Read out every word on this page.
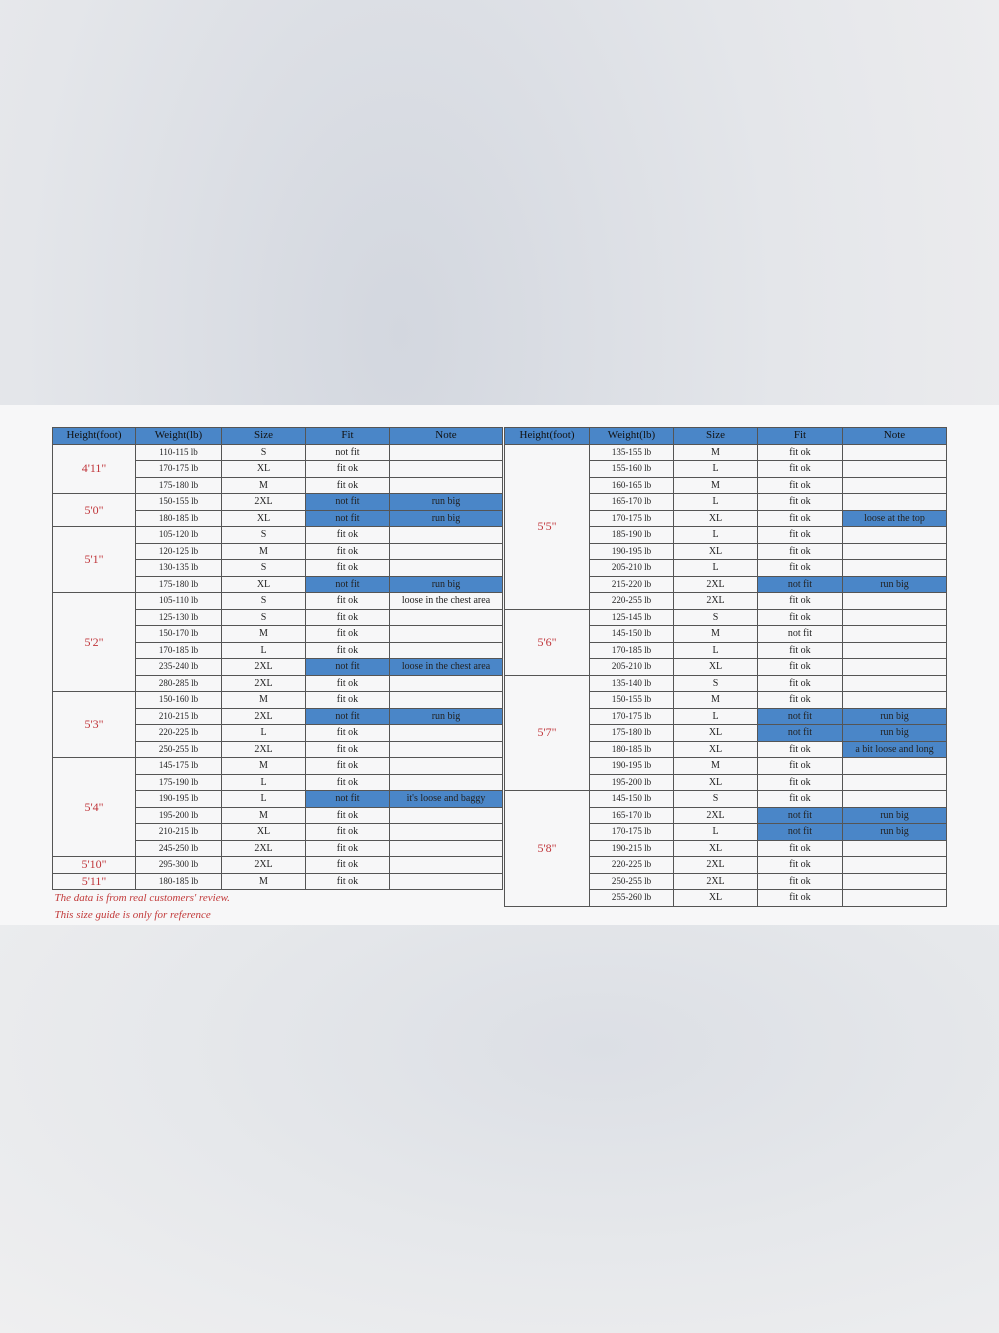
Height(foot)	Weight(lb)	Size	Fit	Note
4'11"	110-115 lb	S	not fit	
	170-175 lb	XL	fit ok	
	175-180 lb	M	fit ok	
5'0"	150-155 lb	2XL	not fit	run big
	180-185 lb	XL	not fit	run big
5'1"	105-120 lb	S	fit ok	
	120-125 lb	M	fit ok	
	130-135 lb	S	fit ok	
	175-180 lb	XL	not fit	run big
5'2"	105-110 lb	S	fit ok	loose in the chest area
	125-130 lb	S	fit ok	
	150-170 lb	M	fit ok	
	170-185 lb	L	fit ok	
	235-240 lb	2XL	not fit	loose in the chest area
	280-285 lb	2XL	fit ok	
5'3"	150-160 lb	M	fit ok	
	210-215 lb	2XL	not fit	run big
	220-225 lb	L	fit ok	
	250-255 lb	2XL	fit ok	
5'4"	145-175 lb	M	fit ok	
	175-190 lb	L	fit ok	
	190-195 lb	L	not fit	it's loose and baggy
	195-200 lb	M	fit ok	
	210-215 lb	XL	fit ok	
	245-250 lb	2XL	fit ok	
5'10"	295-300 lb	2XL	fit ok	
5'11"	180-185 lb	M	fit ok	
The data is from real customers' review.				
This size guide is only for reference				
Height(foot)	Weight(lb)	Size	Fit	Note
5'5"	135-155 lb	M	fit ok	
	155-160 lb	L	fit ok	
	160-165 lb	M	fit ok	
	165-170 lb	L	fit ok	
	170-175 lb	XL	fit ok	loose at the top
	185-190 lb	L	fit ok	
	190-195 lb	XL	fit ok	
	205-210 lb	L	fit ok	
	215-220 lb	2XL	not fit	run big
	220-255 lb	2XL	fit ok	
5'6"	125-145 lb	S	fit ok	
	145-150 lb	M	not fit	
	170-185 lb	L	fit ok	
	205-210 lb	XL	fit ok	
5'7"	135-140 lb	S	fit ok	
	150-155 lb	M	fit ok	
	170-175 lb	L	not fit	run big
	175-180 lb	XL	not fit	run big
	180-185 lb	XL	fit ok	a bit loose and long
	190-195 lb	M	fit ok	
	195-200 lb	XL	fit ok	
5'8"	145-150 lb	S	fit ok	
	165-170 lb	2XL	not fit	run big
	170-175 lb	L	not fit	run big
	190-215 lb	XL	fit ok	
	220-225 lb	2XL	fit ok	
	250-255 lb	2XL	fit ok	
	255-260 lb	XL	fit ok	
